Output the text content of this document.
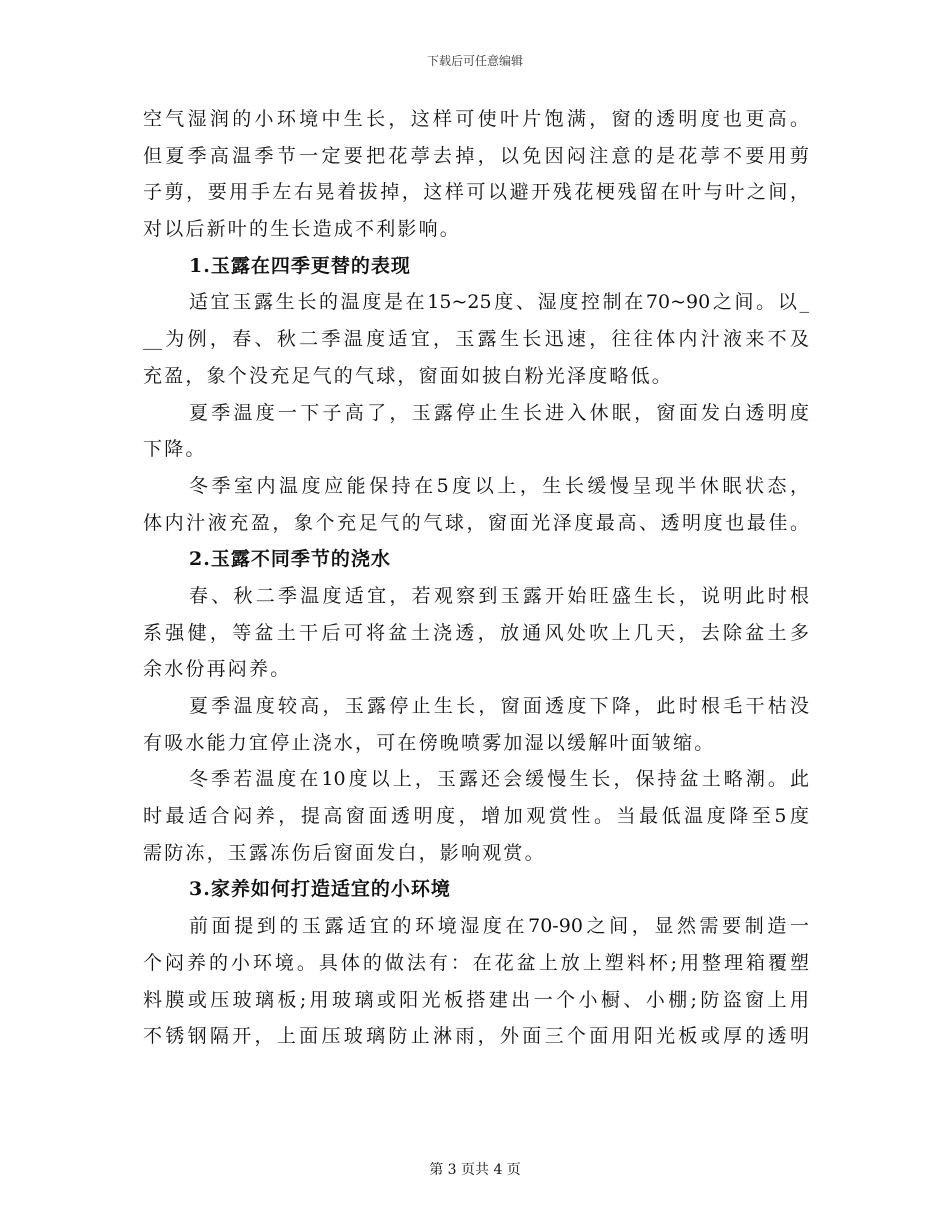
下载后可任意编辑
空气湿润的小环境中生长，这样可使叶片饱满，窗的透明度也更高。
但夏季高温季节一定要把花葶去掉，以免因闷注意的是花葶不要用剪
子剪，要用手左右晃着拔掉，这样可以避开残花梗残留在叶与叶之间，
对以后新叶的生长造成不利影响。
1.玉露在四季更替的表现
适宜玉露生长的温度是在15~25度、湿度控制在70~90之间。以_
__为例，春、秋二季温度适宜，玉露生长迅速，往往体内汁液来不及
充盈，象个没充足气的气球，窗面如披白粉光泽度略低。
夏季温度一下子高了，玉露停止生长进入休眠，窗面发白透明度
下降。
冬季室内温度应能保持在5度以上，生长缓慢呈现半休眠状态，
体内汁液充盈，象个充足气的气球，窗面光泽度最高、透明度也最佳。
2.玉露不同季节的浇水
春、秋二季温度适宜，若观察到玉露开始旺盛生长，说明此时根
系强健，等盆土干后可将盆土浇透，放通风处吹上几天，去除盆土多
余水份再闷养。
夏季温度较高，玉露停止生长，窗面透度下降，此时根毛干枯没
有吸水能力宜停止浇水，可在傍晚喷雾加湿以缓解叶面皱缩。
冬季若温度在10度以上，玉露还会缓慢生长，保持盆土略潮。此
时最适合闷养，提高窗面透明度，增加观赏性。当最低温度降至5度
需防冻，玉露冻伤后窗面发白，影响观赏。
3.家养如何打造适宜的小环境
前面提到的玉露适宜的环境湿度在70-90之间，显然需要制造一
个闷养的小环境。具体的做法有：在花盆上放上塑料杯;用整理箱覆塑
料膜或压玻璃板;用玻璃或阳光板搭建出一个小橱、小棚;防盗窗上用
不锈钢隔开，上面压玻璃防止淋雨，外面三个面用阳光板或厚的透明
第 3 页共 4 页
